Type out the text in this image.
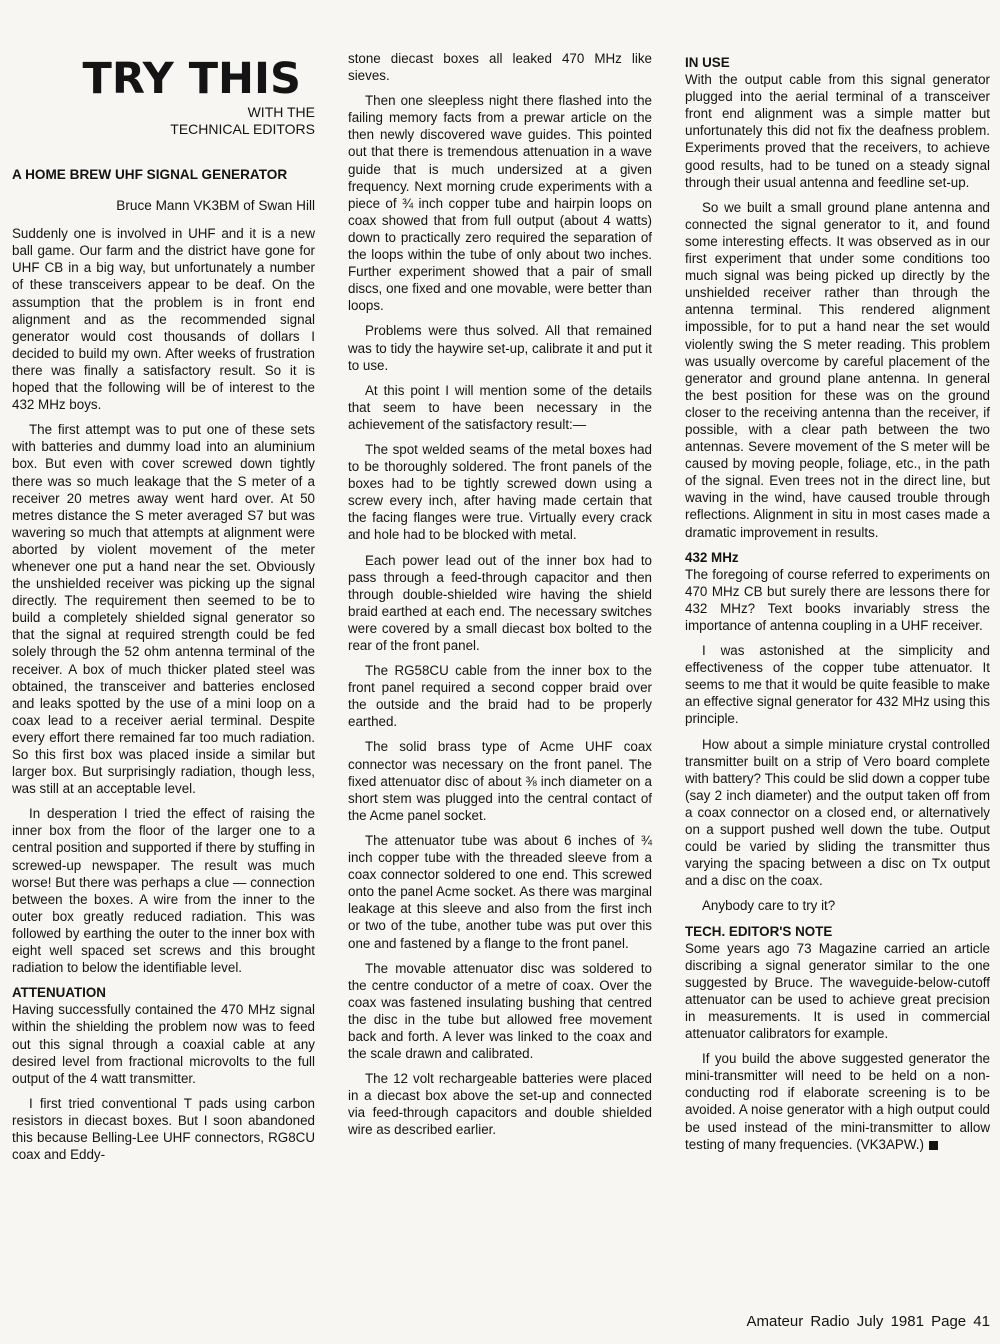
TRY THIS
WITH THE
TECHNICAL EDITORS
A HOME BREW UHF SIGNAL GENERATOR
Bruce Mann VK3BM of Swan Hill

Suddenly one is involved in UHF and it is a new ball game. Our farm and the district have gone for UHF CB in a big way, but unfortunately a number of these transceivers appear to be deaf. On the assumption that the problem is in front end alignment and as the recommended signal generator would cost thousands of dollars I decided to build my own. After weeks of frustration there was finally a satisfactory result. So it is hoped that the following will be of interest to the 432 MHz boys.

The first attempt was to put one of these sets with batteries and dummy load into an aluminium box. But even with cover screwed down tightly there was so much leakage that the S meter of a receiver 20 metres away went hard over. At 50 metres distance the S meter averaged S7 but was wavering so much that attempts at alignment were aborted by violent movement of the meter whenever one put a hand near the set. Obviously the unshielded receiver was picking up the signal directly. The requirement then seemed to be to build a completely shielded signal generator so that the signal at required strength could be fed solely through the 52 ohm antenna terminal of the receiver. A box of much thicker plated steel was obtained, the transceiver and batteries enclosed and leaks spotted by the use of a mini loop on a coax lead to a receiver aerial terminal. Despite every effort there remained far too much radiation. So this first box was placed inside a similar but larger box. But surprisingly radiation, though less, was still at an acceptable level.

In desperation I tried the effect of raising the inner box from the floor of the larger one to a central position and supported if there by stuffing in screwed-up newspaper. The result was much worse! But there was perhaps a clue — connection between the boxes. A wire from the inner to the outer box greatly reduced radiation. This was followed by earthing the outer to the inner box with eight well spaced set screws and this brought radiation to below the identifiable level.

ATTENUATION

Having successfully contained the 470 MHz signal within the shielding the problem now was to feed out this signal through a coaxial cable at any desired level from fractional microvolts to the full output of the 4 watt transmitter.

I first tried conventional T pads using carbon resistors in diecast boxes. But I soon abandoned this because Belling-Lee UHF connectors, RG8CU coax and Eddy-

stone diecast boxes all leaked 470 MHz like sieves.

Then one sleepless night there flashed into the failing memory facts from a prewar article on the then newly discovered wave guides. This pointed out that there is tremendous attenuation in a wave guide that is much undersized at a given frequency. Next morning crude experiments with a piece of ¾ inch copper tube and hairpin loops on coax showed that from full output (about 4 watts) down to practically zero required the separation of the loops within the tube of only about two inches. Further experiment showed that a pair of small discs, one fixed and one movable, were better than loops.

Problems were thus solved. All that remained was to tidy the haywire set-up, calibrate it and put it to use.

At this point I will mention some of the details that seem to have been necessary in the achievement of the satisfactory result:—

The spot welded seams of the metal boxes had to be thoroughly soldered. The front panels of the boxes had to be tightly screwed down using a screw every inch, after having made certain that the facing flanges were true. Virtually every crack and hole had to be blocked with metal.

Each power lead out of the inner box had to pass through a feed-through capacitor and then through double-shielded wire having the shield braid earthed at each end. The necessary switches were covered by a small diecast box bolted to the rear of the front panel.

The RG58CU cable from the inner box to the front panel required a second copper braid over the outside and the braid had to be properly earthed.

The solid brass type of Acme UHF coax connector was necessary on the front panel. The fixed attenuator disc of about ⅜ inch diameter on a short stem was plugged into the central contact of the Acme panel socket.

The attenuator tube was about 6 inches of ¾ inch copper tube with the threaded sleeve from a coax connector soldered to one end. This screwed onto the panel Acme socket. As there was marginal leakage at this sleeve and also from the first inch or two of the tube, another tube was put over this one and fastened by a flange to the front panel.

The movable attenuator disc was soldered to the centre conductor of a metre of coax. Over the coax was fastened insulating bushing that centred the disc in the tube but allowed free movement back and forth. A lever was linked to the coax and the scale drawn and calibrated.

The 12 volt rechargeable batteries were placed in a diecast box above the set-up and connected via feed-through capacitors and double shielded wire as described earlier.

IN USE

With the output cable from this signal generator plugged into the aerial terminal of a transceiver front end alignment was a simple matter but unfortunately this did not fix the deafness problem. Experiments proved that the receivers, to achieve good results, had to be tuned on a steady signal through their usual antenna and feedline set-up.

So we built a small ground plane antenna and connected the signal generator to it, and found some interesting effects. It was observed as in our first experiment that under some conditions too much signal was being picked up directly by the unshielded receiver rather than through the antenna terminal. This rendered alignment impossible, for to put a hand near the set would violently swing the S meter reading. This problem was usually overcome by careful placement of the generator and ground plane antenna. In general the best position for these was on the ground closer to the receiving antenna than the receiver, if possible, with a clear path between the two antennas. Severe movement of the S meter will be caused by moving people, foliage, etc., in the path of the signal. Even trees not in the direct line, but waving in the wind, have caused trouble through reflections. Alignment in situ in most cases made a dramatic improvement in results.

432 MHz

The foregoing of course referred to experiments on 470 MHz CB but surely there are lessons there for 432 MHz? Text books invariably stress the importance of antenna coupling in a UHF receiver.

I was astonished at the simplicity and effectiveness of the copper tube attenuator. It seems to me that it would be quite feasible to make an effective signal generator for 432 MHz using this principle.

How about a simple miniature crystal controlled transmitter built on a strip of Vero board complete with battery? This could be slid down a copper tube (say 2 inch diameter) and the output taken off from a coax connector on a closed end, or alternatively on a support pushed well down the tube. Output could be varied by sliding the transmitter thus varying the spacing between a disc on Tx output and a disc on the coax.

Anybody care to try it?

TECH. EDITOR'S NOTE

Some years ago 73 Magazine carried an article discribing a signal generator similar to the one suggested by Bruce. The waveguide-below-cutoff attenuator can be used to achieve great precision in measurements. It is used in commercial attenuator calibrators for example.

If you build the above suggested generator the mini-transmitter will need to be held on a non-conducting rod if elaborate screening is to be avoided. A noise generator with a high output could be used instead of the mini-transmitter to allow testing of many frequencies. (VK3APW.)

Amateur Radio July 1981 Page 41
